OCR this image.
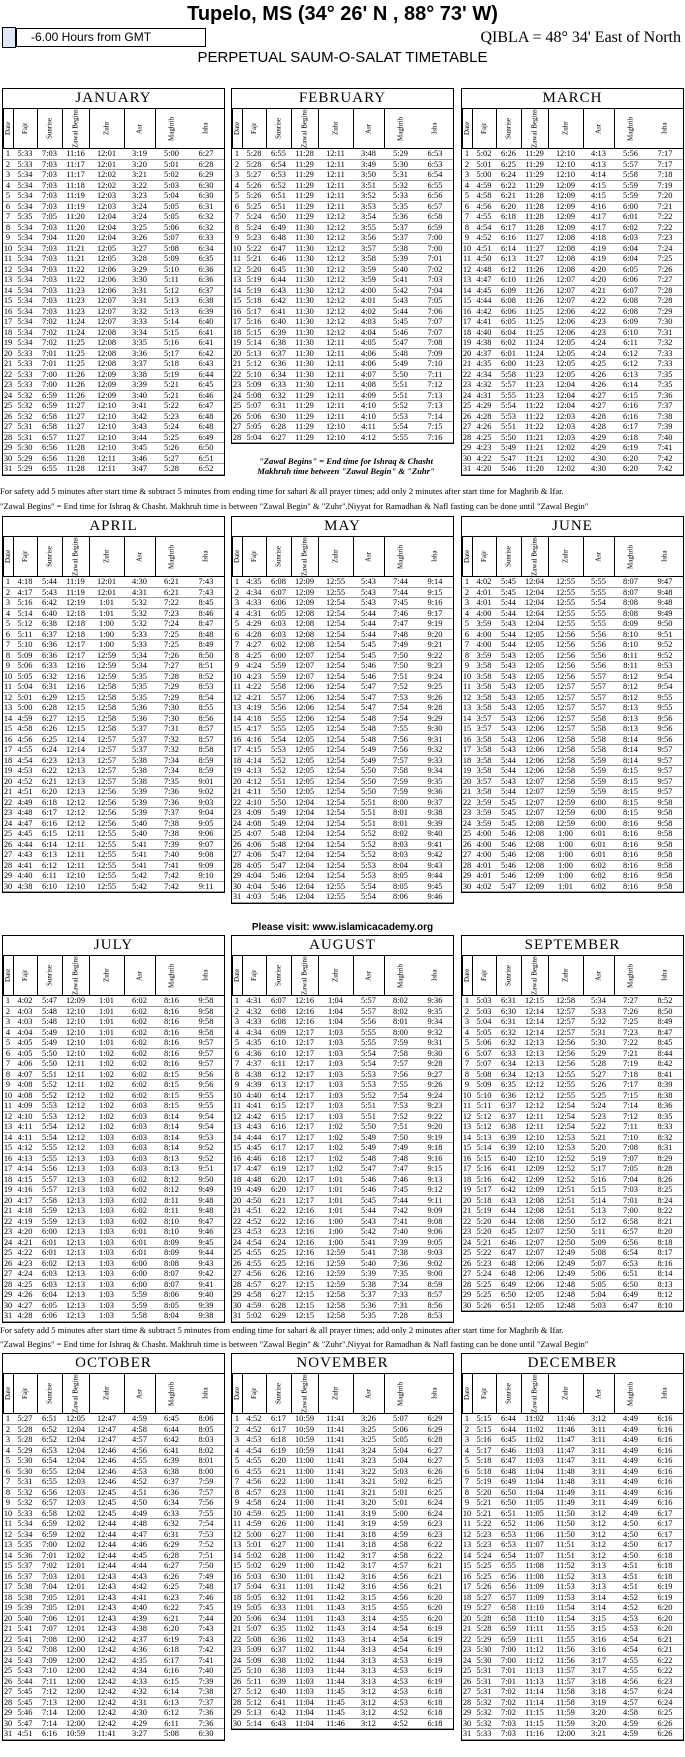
Tupelo, MS (34° 26' N , 88° 73' W)
-6.00 Hours from GMT	QIBLA = 48° 34' East of North
PERPETUAL SAUM-O-SALAT TIMETABLE
JANUARY
Date	Fajr	Sunrise	Zawal Begins	Zuhr	Asr	Maghrib	Isha
1 5:33	7:03	11:16	12:01	3:19	5:00	6:27
2 5:33	7:03	11:17	12:01	3:20	5:01	6:28
3 5:34	7:03	11:17	12:02	3:21	5:02	6:29
4 5:34	7:03	11:18	12:02	3:22	5:03	6:30
5 5:34	7:03	11:19	12:03	3:23	5:04	6:30
6 5:34	7:03	11:19	12:03	3:24	5:05	6:31
7 5:35	7:05	11:20	12:04	3:24	5:05	6:32
8 5:34	7:03	11:20	12:04	3:25	5:06	6:32
9 5:34	7:04	11:20	12:04	3:26	5:07	6:33
10 5:34	7:03	11:21	12:05	3:27	5:08	6:34
11 5:34	7:03	11:21	12:05	3:28	5:09	6:35
12 5:34	7:03	11:22	12:06	3:29	5:10	6:36
13 5:34	7:03	11:22	12:06	3:30	5:11	6:36
14 5:34	7:03	11:23	12:06	3:31	5:12	6:37
15 5:34	7:03	11:23	12:07	3:31	5:13	6:38
16 5:34	7:03	11:23	12:07	3:32	5:13	6:39
17 5:34	7:02	11:24	12:07	3:33	5:14	6:40
18 5:34	7:02	11:24	12:08	3:34	5:15	6:41
19 5:34	7:02	11:25	12:08	3:35	5:16	6:41
20 5:33	7:01	11:25	12:08	3:36	5:17	6:42
21 5:33	7:01	11:25	12:08	3:37	5:18	6:43
22 5:33	7:00	11:26	12:09	3:38	5:19	6:44
23 5:33	7:00	11:26	12:09	3:39	5:21	6:45
24 5:32	6:59	11:26	12:09	3:40	5:21	6:46
25 5:32	6:59	11:27	12:10	3:41	5:22	6:47
26 5:32	6:58	11:27	12:10	3:42	5:23	6:48
27 5:31	6:58	11:27	12:10	3:43	5:24	6:48
28 5:31	6:57	11:27	12:10	3:44	5:25	6:49
29 5:30	6:56	11:28	12:10	3:45	5:26	6:50
30 5:29	6:56	11:28	12:11	3:46	5:27	6:51
31 5:29	6:55	11:28	12:11	3:47	5:28	6:52
FEBRUARY
Date	Fajr	Sunrise	Zawal Begins	Zuhr	Asr	Maghrib	Isha
1 5:28	6:55	11:28	12:11	3:48	5:29	6:53
2 5:28	6:54	11:29	12:11	3:49	5:30	6:53
3 5:27	6:53	11:29	12:11	3:50	5:31	6:54
4 5:26	6:52	11:29	12:11	3:51	5:32	6:55
5 5:26	6:51	11:29	12:11	3:52	5:33	6:56
6 5:25	6:51	11:29	12:11	3:53	5:35	6:57
7 5:24	6:50	11:29	12:12	3:54	5:36	6:58
8 5:24	6:49	11:30	12:12	3:55	5:37	6:59
9 5:23	6:48	11:30	12:12	3:56	5:37	7:00
10 5:22	6:47	11:30	12:12	3:57	5:38	7:00
11 5:21	6:46	11:30	12:12	3:58	5:39	7:01
12 5:20	6:45	11:30	12:12	3:59	5:40	7:02
13 5:19	6:44	11:30	12:12	3:59	5:41	7:03
14 5:19	6:43	11:30	12:12	4:00	5:42	7:04
15 5:18	6:42	11:30	12:12	4:01	5:43	7:05
16 5:17	6:41	11:30	12:12	4:02	5:44	7:06
17 5:16	6:40	11:30	12:12	4:03	5:45	7:07
18 5:15	6:39	11:30	12:12	4:04	5:46	7:07
19 5:14	6:38	11:30	12:11	4:05	5:47	7:08
20 5:13	6:37	11:30	12:11	4:06	5:48	7:09
21 5:12	6:36	11:30	12:11	4:06	5:49	7:10
22 5:10	6:34	11:30	12:11	4:07	5:50	7:11
23 5:09	6:33	11:30	12:11	4:08	5:51	7:12
24 5:08	6:32	11:29	12:11	4:09	5:51	7:13
25 5:07	6:31	11:29	12:11	4:10	5:52	7:13
26 5:06	6:30	11:29	12:11	4:10	5:53	7:14
27 5:05	6:28	11:29	12:10	4:11	5:54	7:15
28 5:04	6:27	11:29	12:10	4:12	5:55	7:16
MARCH
Date	Fajr	Sunrise	Zawal Begins	Zuhr	Asr	Maghrib	Isha
1 5:02	6:26	11:29	12:10	4:13	5:56	7:17
2 5:01	6:25	11:29	12:10	4:13	5:57	7:17
3 5:00	6:24	11:29	12:10	4:14	5:58	7:18
4 4:59	6:22	11:29	12:09	4:15	5:59	7:19
5 4:58	6:21	11:28	12:09	4:15	5:59	7:20
6 4:56	6:20	11:28	12:09	4:16	6:00	7:21
7 4:55	6:18	11:28	12:09	4:17	6:01	7:22
8 4:54	6:17	11:28	12:09	4:17	6:02	7:22
9 4:52	6:16	11:27	12:08	4:18	6:03	7:23
10 4:51	6:14	11:27	12:08	4:19	6:04	7:24
11 4:50	6:13	11:27	12:08	4:19	6:04	7:25
12 4:48	6:12	11:26	12:08	4:20	6:05	7:26
13 4:47	6:10	11:26	12:07	4:20	6:06	7:27
14 4:45	6:09	11:26	12:07	4:21	6:07	7:28
15 4:44	6:08	11:26	12:07	4:22	6:08	7:28
16 4:42	6:06	11:25	12:06	4:22	6:08	7:29
17 4:41	6:05	11:25	12:06	4:23	6:09	7:30
18 4:40	6:04	11:25	12:06	4:23	6:10	7:31
19 4:38	6:02	11:24	12:05	4:24	6:11	7:32
20 4:37	6:01	11:24	12:05	4:24	6:12	7:33
21 4:35	6:00	11:23	12:05	4:25	6:12	7:33
22 4:34	5:58	11:23	12:05	4:26	6:13	7:35
23 4:32	5:57	11:23	12:04	4:26	6:14	7:35
24 4:31	5:55	11:23	12:04	4:27	6:15	7:36
25 4:29	5:54	11:22	12:04	4:27	6:16	7:37
26 4:28	5:53	11:22	12:03	4:28	6:16	7:38
27 4:26	5:51	11:22	12:03	4:28	6:17	7:39
28 4:25	5:50	11:21	12:03	4:29	6:18	7:40
29 4:23	5:49	11:21	12:02	4:29	6:19	7:41
30 4:22	5:47	11:21	12:02	4:30	6:20	7:42
31 4:20	5:46	11:20	12:02	4:30	6:20	7:42
APRIL
Date	Fajr	Sunrise	Zawal Begins	Zuhr	Asr	Maghrib	Isha
1 4:18	5:44	11:19	12:01	4:30	6:21	7:43
2 4:17	5:43	11:19	12:01	4:31	6:21	7:43
3 5:16	6:42	12:19	1:01	5:32	7:22	8:45
4 5:14	6:40	12:18	1:01	5:32	7:23	8:46
5 5:12	6:38	12:18	1:00	5:32	7:24	8:47
6 5:11	6:37	12:18	1:00	5:33	7:25	8:48
7 5:10	6:36	12:17	1:00	5:33	7:25	8:49
8 5:09	6:36	12:17	12:59	5:34	7:26	8:50
9 5:06	6:33	12:16	12:59	5:34	7:27	8:51
10 5:05	6:32	12:16	12:59	5:35	7:28	8:52
11 5:04	6:31	12:16	12:58	5:35	7:29	8:53
12 5:01	6:29	12:15	12:58	5:35	7:29	8:54
13 5:00	6:28	12:15	12:58	5:36	7:30	8:55
14 4:59	6:27	12:15	12:58	5:36	7:30	8:56
15 4:58	6:26	12:15	12:58	5:37	7:31	8:57
16 4:56	6:25	12:14	12:57	5:37	7:32	8:57
17 4:55	6:24	12:14	12:57	5:37	7:32	8:58
18 4:54	6:23	12:13	12:57	5:38	7:34	8:59
19 4:53	6:22	12:13	12:57	5:38	7:34	8:59
20 4:52	6:21	12:13	12:57	5:38	7:35	9:01
21 4:51	6:20	12:13	12:56	5:39	7:36	9:02
22 4:49	6:18	12:12	12:56	5:39	7:36	9:03
23 4:48	6:17	12:12	12:56	5:39	7:37	9:04
24 4:47	6:16	12:12	12:56	5:40	7:38	9:05
25 4:45	6:15	12:11	12:55	5:40	7:38	9:06
26 4:44	6:14	12:11	12:55	5:41	7:39	9:07
27 4:43	6:13	12:11	12:55	5:41	7:40	9:08
28 4:41	6:12	12:11	12:55	5:41	7:41	9:09
29 4:40	6:11	12:10	12:55	5:42	7:42	9:10
30 4:38	6:10	12:10	12:55	5:42	7:42	9:11
MAY
Date	Fajr	Sunrise	Zawal Begins	Zuhr	Asr	Maghrib	Isha
1 4:35	6:08	12:09	12:55	5:43	7:44	9:14
2 4:34	6:07	12:09	12:55	5:43	7:44	9:15
3 4:33	6:06	12:09	12:54	5:43	7:45	9:16
4 4:31	6:05	12:08	12:54	5:44	7:46	9:17
5 4:29	6:03	12:08	12:54	5:44	7:47	9:19
6 4:28	6:03	12:08	12:54	5:44	7:48	9:20
7 4:27	6:02	12:08	12:54	5:45	7:49	9:21
8 4:25	6:00	12:07	12:54	5:45	7:50	9:22
9 4:24	5:59	12:07	12:54	5:46	7:50	9:23
10 4:23	5:59	12:07	12:54	5:46	7:51	9:24
11 4:22	5:58	12:06	12:54	5:47	7:52	9:25
12 4:21	5:57	12:06	12:54	5:47	7:53	9:26
13 4:19	5:56	12:06	12:54	5:47	7:54	9:28
14 4:18	5:55	12:06	12:54	5:48	7:54	9:29
15 4:17	5:55	12:05	12:54	5:48	7:55	9:30
16 4:16	5:54	12:05	12:54	5:48	7:56	9:31
17 4:15	5:53	12:05	12:54	5:49	7:56	9:32
18 4:14	5:52	12:05	12:54	5:49	7:57	9:33
19 4:13	5:52	12:05	12:54	5:50	7:58	9:34
20 4:12	5:51	12:05	12:54	5:50	7:59	9:35
21 4:11	5:50	12:05	12:54	5:50	7:59	9:36
22 4:10	5:50	12:04	12:54	5:51	8:00	9:37
23 4:09	5:49	12:04	12:54	5:51	8:01	9:38
24 4:08	5:49	12:04	12:54	5:51	8:01	9:39
25 4:07	5:48	12:04	12:54	5:52	8:02	9:40
26 4:06	5:48	12:04	12:54	5:52	8:03	9:41
27 4:06	5:47	12:04	12:54	5:52	8:03	9:42
28 4:05	5:47	12:04	12:54	5:53	8:04	9:43
29 4:04	5:46	12:04	12:54	5:53	8:05	9:44
30 4:04	5:46	12:04	12:55	5:54	8:05	9:45
31 4:03	5:46	12:04	12:55	5:54	8:06	9:46
JUNE
Date	Fajr	Sunrise	Zawal Begins	Zuhr	Asr	Maghrib	Isha
1 4:02	5:45	12:04	12:55	5:55	8:07	9:47
2 4:01	5:45	12:04	12:55	5:55	8:07	9:48
3 4:01	5:44	12:04	12:55	5:54	8:08	9:48
4 4:00	5:44	12:04	12:55	5:55	8:08	9:49
5 3:59	5:43	12:04	12:55	5:55	8:09	9:50
6 4:00	5:44	12:05	12:56	5:56	8:10	9:51
7 4:00	5:44	12:05	12:56	5:56	8:10	9:52
8 3:59	5:43	12:05	12:56	5:56	8:11	9:52
9 3:58	5:43	12:05	12:56	5:56	8:11	9:53
10 3:58	5:43	12:05	12:56	5:57	8:12	9:54
11 3:58	5:43	12:05	12:57	5:57	8:12	9:54
12 3:58	5:43	12:05	12:57	5:57	8:12	9:55
13 3:58	5:43	12:05	12:57	5:57	8:13	9:55
14 3:57	5:43	12:06	12:57	5:58	8:13	9:56
15 3:57	5:43	12:06	12:57	5:58	8:13	9:56
16 3:58	5:43	12:06	12:58	5:58	8:14	9:56
17 3:58	5:43	12:06	12:58	5:58	8:14	9:57
18 3:58	5:44	12:06	12:58	5:59	8:14	9:57
19 3:58	5:44	12:06	12:58	5:59	8:15	9:57
20 3:57	5:43	12:07	12:58	5:59	8:15	9:57
21 3:58	5:44	12:07	12:59	5:59	8:15	9:57
22 3:59	5:45	12:07	12:59	6:00	8:15	9:58
23 3:59	5:45	12:07	12:59	6:00	8:15	9:58
24 3:59	5:45	12:08	12:59	6:00	8:16	9:58
25 4:00	5:46	12:08	1:00	6:01	8:16	9:58
26 4:00	5:46	12:08	1:00	6:01	8:16	9:58
27 4:00	5:46	12:08	1:00	6:01	8:16	9:58
28 4:01	5:46	12:08	1:00	6:02	8:16	9:58
29 4:01	5:46	12:09	1:00	6:02	8:16	9:58
30 4:02	5:47	12:09	1:01	6:02	8:16	9:58
JULY
Date	Fajr	Sunrise	Zawal Begins	Zuhr	Asr	Maghrib	Isha
1 4:02	5:47	12:09	1:01	6:02	8:16	9:58
2 4:03	5:48	12:10	1:01	6:02	8:16	9:58
3 4:03	5:48	12:10	1:01	6:02	8:16	9:58
4 4:04	5:49	12:10	1:01	6:02	8:16	9:58
5 4:05	5:49	12:10	1:01	6:02	8:16	9:57
6 4:05	5:50	12:10	1:02	6:02	8:16	9:57
7 4:06	5:50	12:11	1:02	6:02	8:16	9:57
8 4:07	5:51	12:11	1:02	6:02	8:15	9:56
9 4:08	5:52	12:11	1:02	6:02	8:15	9:56
10 4:08	5:52	12:12	1:02	6:02	8:15	9:55
11 4:09	5:53	12:12	1:02	6:03	8:15	9:55
12 4:10	5:53	12:12	1:02	6:03	8:14	9:54
13 4:11	5:54	12:12	1:02	6:03	8:14	9:54
14 4:11	5:54	12:12	1:03	6:03	8:14	9:53
15 4:12	5:55	12:12	1:03	6:03	8:14	9:52
16 4:13	5:55	12:13	1:03	6:03	8:13	9:52
17 4:14	5:56	12:13	1:03	6:03	8:13	9:51
18 4:15	5:57	12:13	1:03	6:02	8:12	9:50
19 4:16	5:57	12:13	1:03	6:02	8:12	9:49
20 4:17	5:58	12:13	1:03	6:02	8:11	9:48
21 4:18	5:59	12:13	1:03	6:02	8:11	9:48
22 4:19	5:59	12:13	1:03	6:02	8:10	9:47
23 4:20	6:00	12:13	1:03	6:01	8:10	9:46
24 4:21	6:01	12:13	1:03	6:01	8:09	9:45
25 4:22	6:01	12:13	1:03	6:01	8:09	9:44
26 4:23	6:02	12:13	1:03	6:00	8:08	9:43
27 4:24	6:03	12:13	1:03	6:00	8:07	9:42
28 4:25	6:03	12:13	1:03	6:00	8:07	9:41
29 4:26	6:04	12:13	1:03	5:59	8:06	9:40
30 4:27	6:05	12:13	1:03	5:59	8:05	9:39
31 4:28	6:06	12:13	1:03	5:58	8:04	9:38
AUGUST
Date	Fajr	Sunrise	Zawal Begins	Zuhr	Asr	Maghrib	Isha
1 4:31	6:07	12:16	1:04	5:57	8:02	9:36
2 4:32	6:08	12:16	1:04	5:57	8:02	9:35
3 4:33	6:08	12:16	1:04	5:56	8:01	9:34
4 4:34	6:09	12:17	1:03	5:55	8:00	9:32
5 4:35	6:10	12:17	1:03	5:55	7:59	9:31
6 4:36	6:10	12:17	1:03	5:54	7:58	9:30
7 4:37	6:11	12:17	1:03	5:54	7:57	9:28
8 4:38	6:12	12:17	1:03	5:53	7:56	9:27
9 4:39	6:13	12:17	1:03	5:53	7:55	9:26
10 4:40	6:14	12:17	1:03	5:52	7:54	9:24
11 4:41	6:15	12:17	1:03	5:51	7:53	9:23
12 4:42	6:15	12:17	1:03	5:51	7:52	9:22
13 4:43	6:16	12:17	1:02	5:50	7:51	9:20
14 4:44	6:17	12:17	1:02	5:49	7:50	9:19
15 4:45	6:17	12:17	1:02	5:49	7:49	9:18
16 4:46	6:18	12:17	1:02	5:48	7:48	9:16
17 4:47	6:19	12:17	1:02	5:47	7:47	9:15
18 4:48	6:20	12:17	1:01	5:46	7:46	9:13
19 4:49	6:20	12:17	1:01	5:46	7:45	9:12
20 4:50	6:21	12:17	1:01	5:45	7:44	9:11
21 4:51	6:22	12:16	1:01	5:44	7:42	9:09
22 4:52	6:22	12:16	1:00	5:43	7:41	9:08
23 4:53	6:23	12:16	1:00	5:42	7:40	9:06
24 4:54	6:24	12:16	1:00	5:41	7:39	9:05
25 4:55	6:25	12:16	12:59	5:41	7:38	9:03
26 4:55	6:25	12:16	12:59	5:40	7:36	9:02
27 4:56	6:26	12:16	12:59	5:39	7:35	9:00
28 4:57	6:27	12:15	12:59	5:38	7:34	8:59
29 4:58	6:27	12:15	12:58	5:37	7:33	8:57
30 4:59	6:28	12:15	12:58	5:36	7:31	8:56
31 5:02	6:29	12:15	12:58	5:35	7:28	8:53
SEPTEMBER
Date	Fajr	Sunrise	Zawal Begins	Zuhr	Asr	Maghrib	Isha
1 5:03	6:31	12:15	12:58	5:34	7:27	8:52
2 5:03	6:30	12:14	12:57	5:33	7:26	8:50
3 5:04	6:31	12:14	12:57	5:32	7:25	8:49
4 5:05	6:32	12:14	12:57	5:31	7:23	8:47
5 5:06	6:32	12:13	12:56	5:30	7:22	8:45
6 5:07	6:33	12:13	12:56	5:29	7:21	8:44
7 5:07	6:34	12:13	12:56	5:28	7:19	8:42
8 5:08	6:34	12:13	12:55	5:27	7:18	8:41
9 5:09	6:35	12:12	12:55	5:26	7:17	8:39
10 5:10	6:36	12:12	12:55	5:25	7:15	8:38
11 5:11	6:37	12:12	12:54	5:24	7:14	8:36
12 5:12	6:37	12:11	12:54	5:23	7:12	8:35
13 5:12	6:38	12:11	12:54	5:22	7:11	8:33
14 5:13	6:39	12:10	12:53	5:21	7:10	8:32
15 5:14	6:39	12:10	12:53	5:20	7:08	8:31
16 5:15	6:40	12:10	12:52	5:19	7:07	8:29
17 5:16	6:41	12:09	12:52	5:17	7:05	8:28
18 5:16	6:42	12:09	12:52	5:16	7:04	8:26
19 5:17	6:42	12:09	12:51	5:15	7:03	8:25
20 5:18	6:43	12:08	12:51	5:14	7:01	8:24
21 5:19	6:44	12:08	12:51	5:13	7:00	8:22
22 5:20	6:44	12:08	12:50	5:12	6:58	8:21
23 5:20	6:45	12:07	12:50	5:11	6:57	8:20
24 5:21	6:46	12:07	12:50	5:09	6:56	8:18
25 5:22	6:47	12:07	12:49	5:08	6:54	8:17
26 5:23	6:48	12:06	12:49	5:07	6:53	8:16
27 5:24	6:48	12:06	12:49	5:06	6:51	8:14
28 5:25	6:49	12:06	12:48	5:05	6:50	8:13
29 5:25	6:50	12:05	12:48	5:04	6:49	8:12
30 5:26	6:51	12:05	12:48	5:03	6:47	8:10
OCTOBER
Date	Fajr	Sunrise	Zawal Begins	Zuhr	Asr	Maghrib	Isha
1 5:27	6:51	12:05	12:47	4:59	6:45	8:06
2 5:28	6:52	12:04	12:47	4:58	6:44	8:05
3 5:28	6:52	12:04	12:47	4:57	6:42	8:03
4 5:29	6:53	12:04	12:46	4:56	6:41	8:02
5 5:30	6:54	12:04	12:46	4:55	6:39	8:01
6 5:30	6:55	12:04	12:46	4:53	6:38	8:00
7 5:31	6:55	12:03	12:46	4:52	6:37	7:59
8 5:32	6:56	12:03	12:45	4:51	6:36	7:57
9 5:32	6:57	12:03	12:45	4:50	6:34	7:56
10 5:33	6:58	12:02	12:45	4:49	6:33	7:55
11 5:34	6:59	12:02	12:44	4:48	6:32	7:54
12 5:34	6:59	12:02	12:44	4:47	6:31	7:53
13 5:35	7:00	12:02	12:44	4:46	6:29	7:52
14 5:36	7:01	12:02	12:44	4:45	6:28	7:51
15 5:37	7:02	12:01	12:44	4:44	6:27	7:50
16 5:37	7:03	12:01	12:43	4:43	6:26	7:49
17 5:38	7:04	12:01	12:43	4:42	6:25	7:48
18 5:38	7:05	12:01	12:43	4:41	6:23	7:46
19 5:39	7:05	12:01	12:43	4:40	6:22	7:45
20 5:40	7:06	12:01	12:43	4:39	6:21	7:44
21 5:41	7:07	12:01	12:43	4:38	6:20	7:43
22 5:41	7:08	12:00	12:42	4:37	6:19	7:43
23 5:42	7:08	12:00	12:42	4:36	6:18	7:42
24 5:43	7:09	12:00	12:42	4:35	6:17	7:41
25 5:43	7:10	12:00	12:42	4:34	6:16	7:40
26 5:44	7:11	12:00	12:42	4:33	6:15	7:39
27 5:45	7:12	12:00	12:42	4:32	6:14	7:38
28 5:45	7:13	12:00	12:42	4:31	6:13	7:37
29 5:46	7:14	12:00	12:42	4:30	6:12	7:36
30 5:47	7:14	12:00	12:42	4:29	6:11	7:36
31 4:51	6:16	10:59	11:41	3:27	5:08	6:30
NOVEMBER
Date	Fajr	Sunrise	Zawal Begins	Zuhr	Asr	Maghrib	Isha
1 4:52	6:17	10:59	11:41	3:26	5:07	6:29
2 4:52	6:17	10:59	11:41	3:25	5:06	6:29
3 4:53	6:18	10:59	11:41	3:25	5:05	6:28
4 4:54	6:19	10:59	11:41	3:24	5:04	6:27
5 4:55	6:20	11:00	11:41	3:23	5:04	6:27
6 4:55	6:21	11:00	11:41	3:22	5:03	6:26
7 4:56	6:22	11:00	11:41	3:21	5:02	6:25
8 4:57	6:23	11:00	11:41	3:21	5:01	6:25
9 4:58	6:24	11:00	11:41	3:20	5:01	6:24
10 4:59	6:25	11:00	11:41	3:19	5:00	6:24
11 4:59	6:26	11:00	11:41	3:19	4:59	6:23
12 5:00	6:27	11:00	11:41	3:18	4:59	6:23
13 5:01	6:27	11:00	11:41	3:18	4:58	6:22
14 5:02	6:28	11:00	11:42	3:17	4:58	6:22
15 5:02	6:29	11:00	11:42	3:17	4:57	6:21
16 5:03	6:30	11:01	11:42	3:16	4:56	6:21
17 5:04	6:31	11:01	11:42	3:16	4:56	6:21
18 5:05	6:32	11:01	11:42	3:15	4:56	6:20
19 5:05	6:33	11:01	11:43	3:15	4:55	6:20
20 5:06	6:34	11:01	11:43	3:14	4:55	6:20
21 5:07	6:35	11:02	11:43	3:14	4:54	6:19
22 5:08	6:36	11:02	11:43	3:14	4:54	6:19
23 5:09	6:37	11:02	11:44	3:13	4:54	6:19
24 5:09	6:38	11:02	11:44	3:13	4:53	6:19
25 5:10	6:38	11:03	11:44	3:13	4:53	6:19
26 5:11	6:39	11:03	11:44	3:13	4:53	6:19
27 5:12	6:40	11:03	11:45	3:12	4:53	6:18
28 5:12	6:41	11:04	11:45	3:12	4:53	6:18
29 5:13	6:42	11:04	11:45	3:12	4:52	6:18
30 5:14	6:43	11:04	11:46	3:12	4:52	6:18
DECEMBER
Date	Fajr	Sunrise	Zawal Begins	Zuhr	Asr	Maghrib	Isha
1 5:15	6:44	11:02	11:46	3:12	4:49	6:16
2 5:15	6:44	11:02	11:46	3:11	4:49	6:16
3 5:16	6:45	11:02	11:47	3:11	4:49	6:16
4 5:17	6:46	11:03	11:47	3:11	4:49	6:16
5 5:18	6:47	11:03	11:47	3:11	4:49	6:16
6 5:18	6:48	11:04	11:48	3:11	4:49	6:16
7 5:19	6:49	11:04	11:48	3:11	4:49	6:16
8 5:20	6:50	11:04	11:49	3:11	4:49	6:16
9 5:21	6:50	11:05	11:49	3:11	4:49	6:16
10 5:21	6:51	11:05	11:50	3:12	4:49	6:17
11 5:22	6:52	11:06	11:50	3:12	4:50	6:17
12 5:23	6:53	11:06	11:50	3:12	4:50	6:17
13 5:23	6:53	11:07	11:51	3:12	4:50	6:17
14 5:24	6:54	11:07	11:51	3:12	4:50	6:18
15 5:25	6:55	11:08	11:52	3:13	4:51	6:18
16 5:25	6:56	11:08	11:52	3:13	4:51	6:18
17 5:26	6:56	11:09	11:53	3:13	4:51	6:19
18 5:27	6:57	11:09	11:53	3:14	4:52	6:19
19 5:27	6:58	11:10	11:54	3:14	4:52	6:20
20 5:28	6:58	11:10	11:54	3:15	4:53	6:20
21 5:28	6:59	11:11	11:55	3:15	4:53	6:20
22 5:29	6:59	11:11	11:55	3:16	4:54	6:21
23 5:30	7:00	11:12	11:56	3:16	4:54	6:21
24 5:30	7:00	11:12	11:56	3:17	4:55	6:22
25 5:31	7:01	11:13	11:57	3:17	4:55	6:22
26 5:31	7:01	11:13	11:57	3:18	4:56	6:23
27 5:31	7:02	11:14	11:58	3:18	4:57	6:24
28 5:32	7:02	11:14	11:58	3:19	4:57	6:24
29 5:32	7:02	11:15	11:59	3:20	4:58	6:25
30 5:32	7:03	11:15	11:59	3:20	4:59	6:26
31 5:33	7:03	11:16	12:00	3:21	4:59	6:26
"Zawal Begins" = End time for Ishraq & Chasht
Makhruh time between "Zawal Begin" & "Zuhr"
For safety add 5 minutes after start time & subtract 5 minutes from ending time for sahari & all prayer times; add only 2 minutes after start time for Maghrib & Ifar.
"Zawal Begins" = End time for Ishraq & Chasht. Makhruh time is between "Zawal Begin" & "Zuhr".Niyyat for Ramadhan & Nafl fasting can be done until "Zawal Begin"
Please visit: www.islamicacademy.org
For safety add 5 minutes after start time & subtract 5 minutes from ending time for sahari & all prayer times; add only 2 minutes after start time for Maghrib & Ifar.
"Zawal Begins" = End time for Ishraq & Chasht. Makhruh time is between "Zawal Begin" & "Zuhr".Niyyat for Ramadhan & Nafl fasting can be done until "Zawal Begin"
